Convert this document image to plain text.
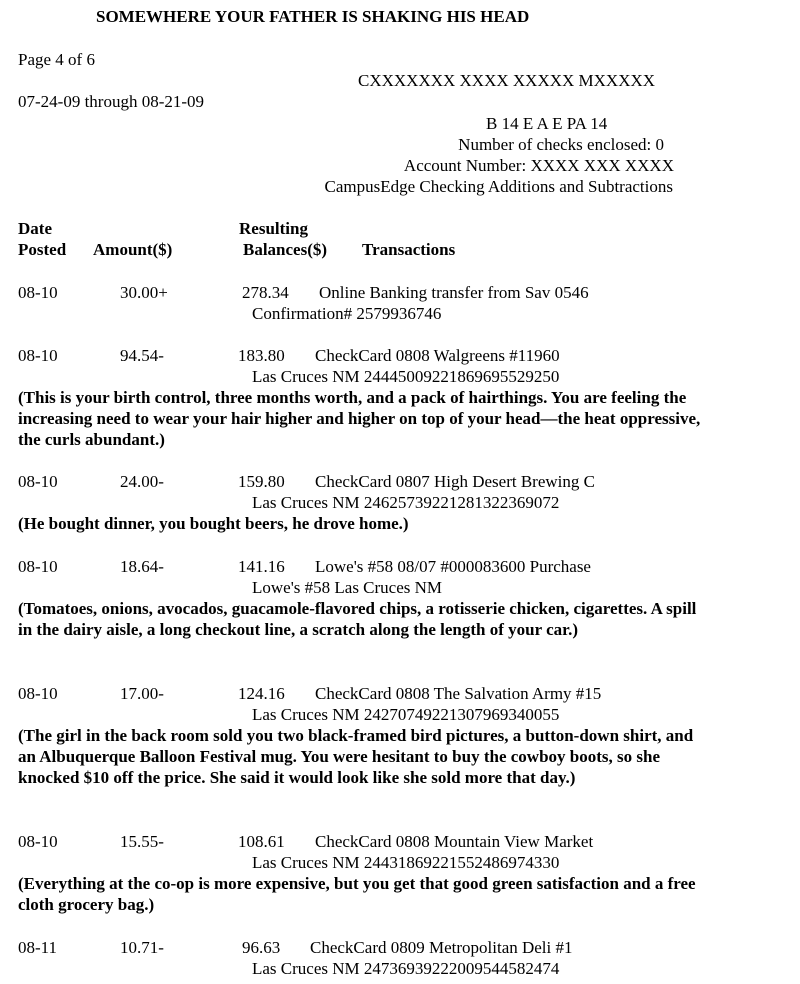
SOMEWHERE YOUR FATHER IS SHAKING HIS HEAD
Page 4 of 6
CXXXXXXX XXXX XXXXX MXXXXX
07-24-09 through 08-21-09
B 14 E A E PA 14
Number of checks enclosed: 0
Account Number: XXXX XXX XXXX
CampusEdge Checking Additions and Subtractions
Date
Posted Amount($)
Resulting
Balances($) Transactions
08-10	30.00+	278.34 Online Banking transfer from Sav 0546
Confirmation# 2579936746
08-10	94.54-	183.80 CheckCard 0808 Walgreens #11960
Las Cruces NM 24445009221869695529250
(This is your birth control, three months worth, and a pack of hairthings. You are feeling the increasing need to wear your hair higher and higher on top of your head—the heat oppressive, the curls abundant.)
08-10	24.00-	159.80 CheckCard 0807 High Desert Brewing C
Las Cruces NM 24625739221281322369072
(He bought dinner, you bought beers, he drove home.)
08-10	18.64-	141.16 Lowe's #58 08/07 #000083600 Purchase
Lowe's #58 Las Cruces NM
(Tomatoes, onions, avocados, guacamole-flavored chips, a rotisserie chicken, cigarettes. A spill in the dairy aisle, a long checkout line, a scratch along the length of your car.)
08-10	17.00-	124.16 CheckCard 0808 The Salvation Army #15
Las Cruces NM 24270749221307969340055
(The girl in the back room sold you two black-framed bird pictures, a button-down shirt, and an Albuquerque Balloon Festival mug. You were hesitant to buy the cowboy boots, so she knocked $10 off the price. She said it would look like she sold more that day.)
08-10	15.55-	108.61 CheckCard 0808 Mountain View Market
Las Cruces NM 24431869221552486974330
(Everything at the co-op is more expensive, but you get that good green satisfaction and a free cloth grocery bag.)
08-11	10.71-	96.63 CheckCard 0809 Metropolitan Deli #1
Las Cruces NM 24736939222009544582474
